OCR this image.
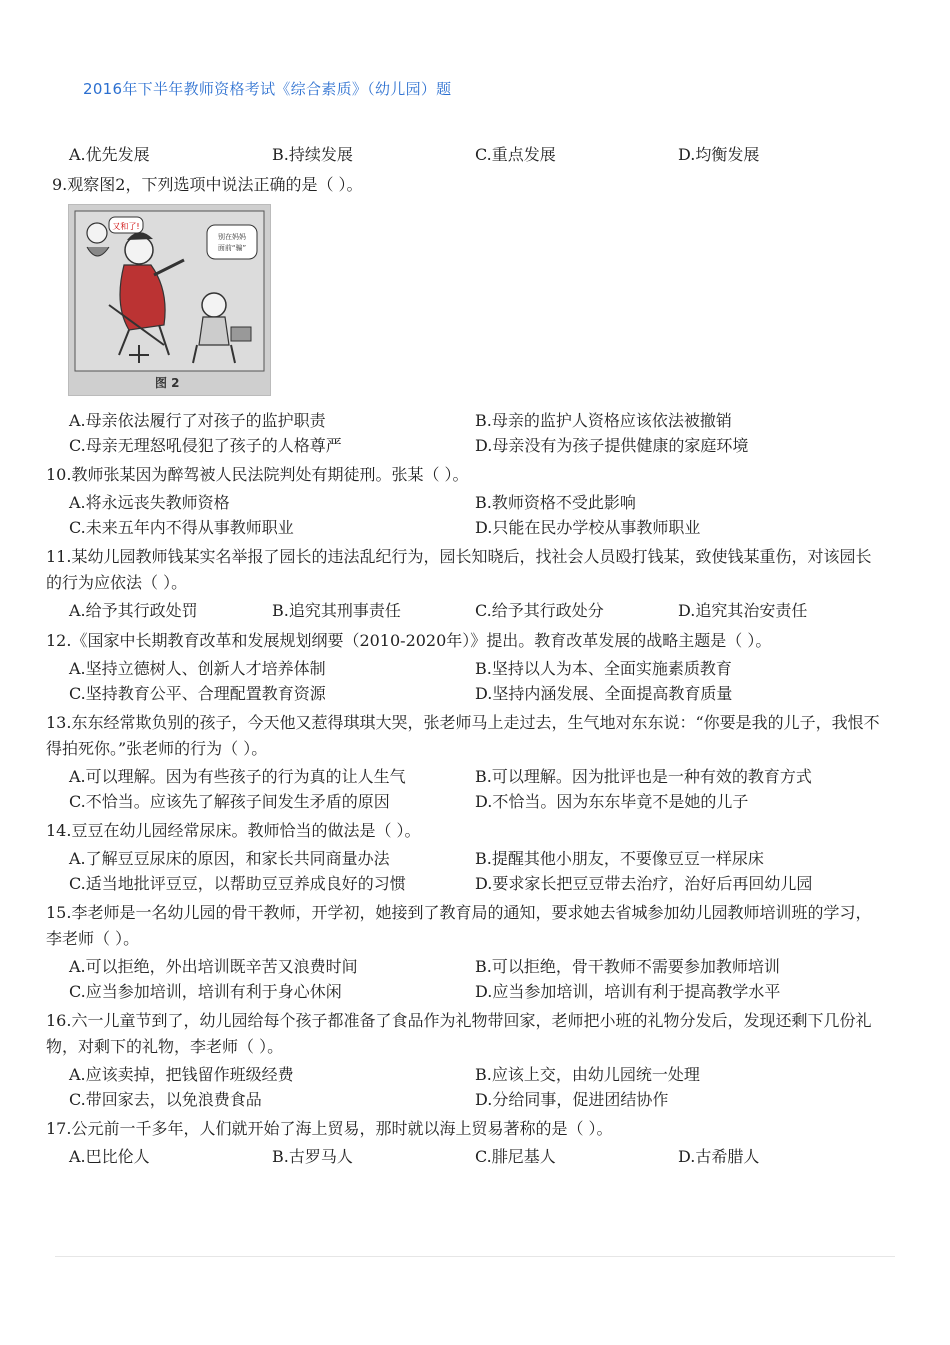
2016年下半年教师资格考试《综合素质》（幼儿园）题
A.优先发展	B.持续发展	C.重点发展	D.均衡发展
9.观察图2，下列选项中说法正确的是（ ）。
又和了!
别在妈妈
面前“骗”
图 2
A.母亲依法履行了对孩子的监护职责	B.母亲的监护人资格应该依法被撤销
C.母亲无理怒吼侵犯了孩子的人格尊严	D.母亲没有为孩子提供健康的家庭环境
10.教师张某因为醉驾被人民法院判处有期徒刑。张某（ ）。
A.将永远丧失教师资格	B.教师资格不受此影响
C.未来五年内不得从事教师职业	D.只能在民办学校从事教师职业
11.某幼儿园教师钱某实名举报了园长的违法乱纪行为，园长知晓后，找社会人员殴打钱某，致使钱某重伤，对该园长的行为应依法（ ）。
A.给予其行政处罚	B.追究其刑事责任	C.给予其行政处分	D.追究其治安责任
12.《国家中长期教育改革和发展规划纲要（2010-2020年）》提出。教育改革发展的战略主题是（ ）。
A.坚持立德树人、创新人才培养体制	B.坚持以人为本、全面实施素质教育
C.坚持教育公平、合理配置教育资源	D.坚持内涵发展、全面提高教育质量
13.东东经常欺负别的孩子，今天他又惹得琪琪大哭，张老师马上走过去，生气地对东东说：“你要是我的儿子，我恨不得拍死你。”张老师的行为（ ）。
A.可以理解。因为有些孩子的行为真的让人生气	B.可以理解。因为批评也是一种有效的教育方式
C.不恰当。应该先了解孩子间发生矛盾的原因	D.不恰当。因为东东毕竟不是她的儿子
14.豆豆在幼儿园经常尿床。教师恰当的做法是（ ）。
A.了解豆豆尿床的原因，和家长共同商量办法	B.提醒其他小朋友，不要像豆豆一样尿床
C.适当地批评豆豆，以帮助豆豆养成良好的习惯	D.要求家长把豆豆带去治疗，治好后再回幼儿园
15.李老师是一名幼儿园的骨干教师，开学初，她接到了教育局的通知，要求她去省城参加幼儿园教师培训班的学习，李老师（ ）。
A.可以拒绝，外出培训既辛苦又浪费时间	B.可以拒绝，骨干教师不需要参加教师培训
C.应当参加培训，培训有利于身心休闲	D.应当参加培训，培训有利于提高教学水平
16.六一儿童节到了，幼儿园给每个孩子都准备了食品作为礼物带回家，老师把小班的礼物分发后，发现还剩下几份礼物，对剩下的礼物，李老师（ ）。
A.应该卖掉，把钱留作班级经费	B.应该上交，由幼儿园统一处理
C.带回家去，以免浪费食品	D.分给同事，促进团结协作
17.公元前一千多年，人们就开始了海上贸易，那时就以海上贸易著称的是（ ）。
A.巴比伦人	B.古罗马人	C.腓尼基人	D.古希腊人
